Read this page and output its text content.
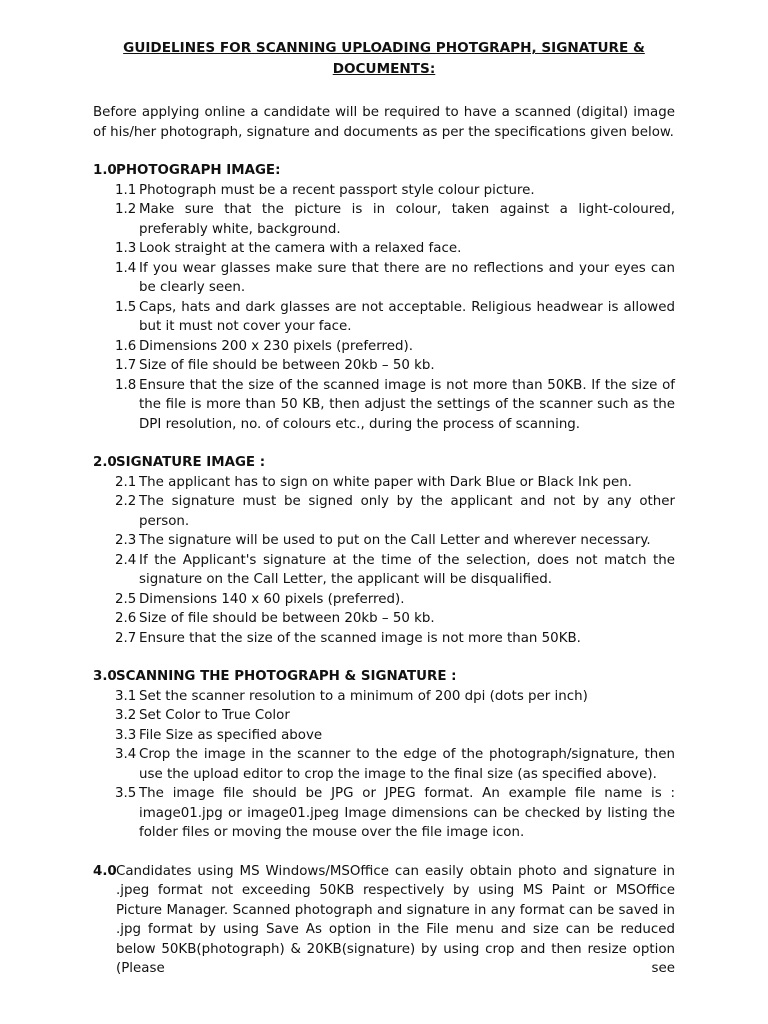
GUIDELINES FOR SCANNING UPLOADING PHOTGRAPH, SIGNATURE & DOCUMENTS:
Before applying online a candidate will be required to have a scanned (digital) image of his/her photograph, signature and documents as per the specifications given below.
1.0 PHOTOGRAPH IMAGE:
1.1 Photograph must be a recent passport style colour picture.
1.2 Make sure that the picture is in colour, taken against a light-coloured, preferably white, background.
1.3 Look straight at the camera with a relaxed face.
1.4 If you wear glasses make sure that there are no reflections and your eyes can be clearly seen.
1.5 Caps, hats and dark glasses are not acceptable. Religious headwear is allowed but it must not cover your face.
1.6 Dimensions 200 x 230 pixels (preferred).
1.7 Size of file should be between 20kb – 50 kb.
1.8 Ensure that the size of the scanned image is not more than 50KB. If the size of the file is more than 50 KB, then adjust the settings of the scanner such as the DPI resolution, no. of colours etc., during the process of scanning.
2.0 SIGNATURE IMAGE :
2.1 The applicant has to sign on white paper with Dark Blue or Black Ink pen.
2.2 The signature must be signed only by the applicant and not by any other person.
2.3 The signature will be used to put on the Call Letter and wherever necessary.
2.4 If the Applicant's signature at the time of the selection, does not match the signature on the Call Letter, the applicant will be disqualified.
2.5 Dimensions 140 x 60 pixels (preferred).
2.6 Size of file should be between 20kb – 50 kb.
2.7 Ensure that the size of the scanned image is not more than 50KB.
3.0 SCANNING THE PHOTOGRAPH & SIGNATURE :
3.1 Set the scanner resolution to a minimum of 200 dpi (dots per inch)
3.2 Set Color to True Color
3.3 File Size as specified above
3.4 Crop the image in the scanner to the edge of the photograph/signature, then use the upload editor to crop the image to the final size (as specified above).
3.5 The image file should be JPG or JPEG format. An example file name is : image01.jpg or image01.jpeg Image dimensions can be checked by listing the folder files or moving the mouse over the file image icon.
4.0 Candidates using MS Windows/MSOffice can easily obtain photo and signature in .jpeg format not exceeding 50KB respectively by using MS Paint or MSOffice Picture Manager. Scanned photograph and signature in any format can be saved in .jpg format by using Save As option in the File menu and size can be reduced below 50KB(photograph) & 20KB(signature) by using crop and then resize option (Please see
